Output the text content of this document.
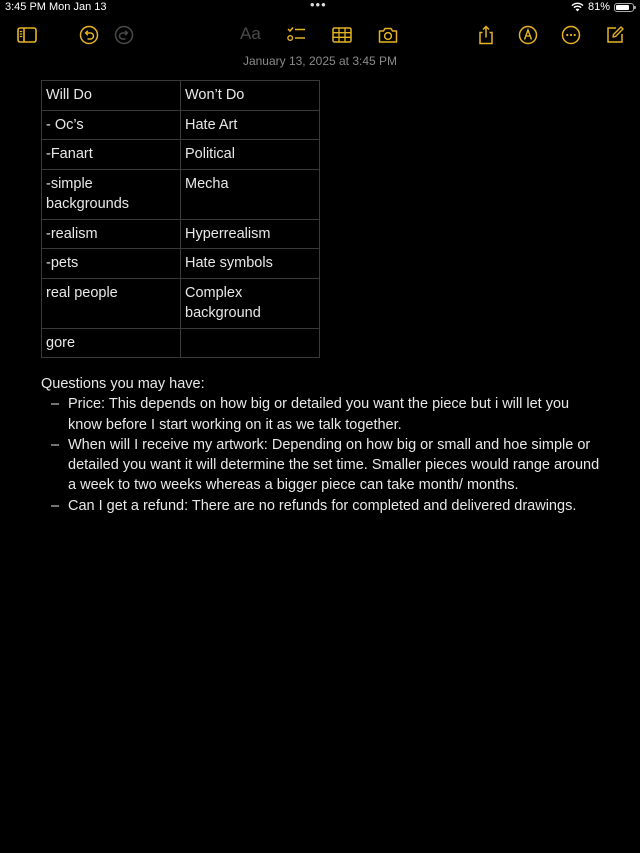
3:45 PM Mon Jan 13	•••	81%
Aa
January 13, 2025 at 3:45 PM
Will Do	Won’t Do
- Oc’s	Hate Art
-Fanart	Political
-simple backgrounds	Mecha
-realism	Hyperrealism
-pets	Hate symbols
real people	Complex background
gore	
Questions you may have:
– Price: This depends on how big or detailed you want the piece but i will let you know before I start working on it as we talk together.
– When will I receive my artwork: Depending on how big or small and hoe simple or detailed you want it will determine the set time. Smaller pieces would range around a week to two weeks whereas a bigger piece can take month/ months.
– Can I get a refund: There are no refunds for completed and delivered drawings.
